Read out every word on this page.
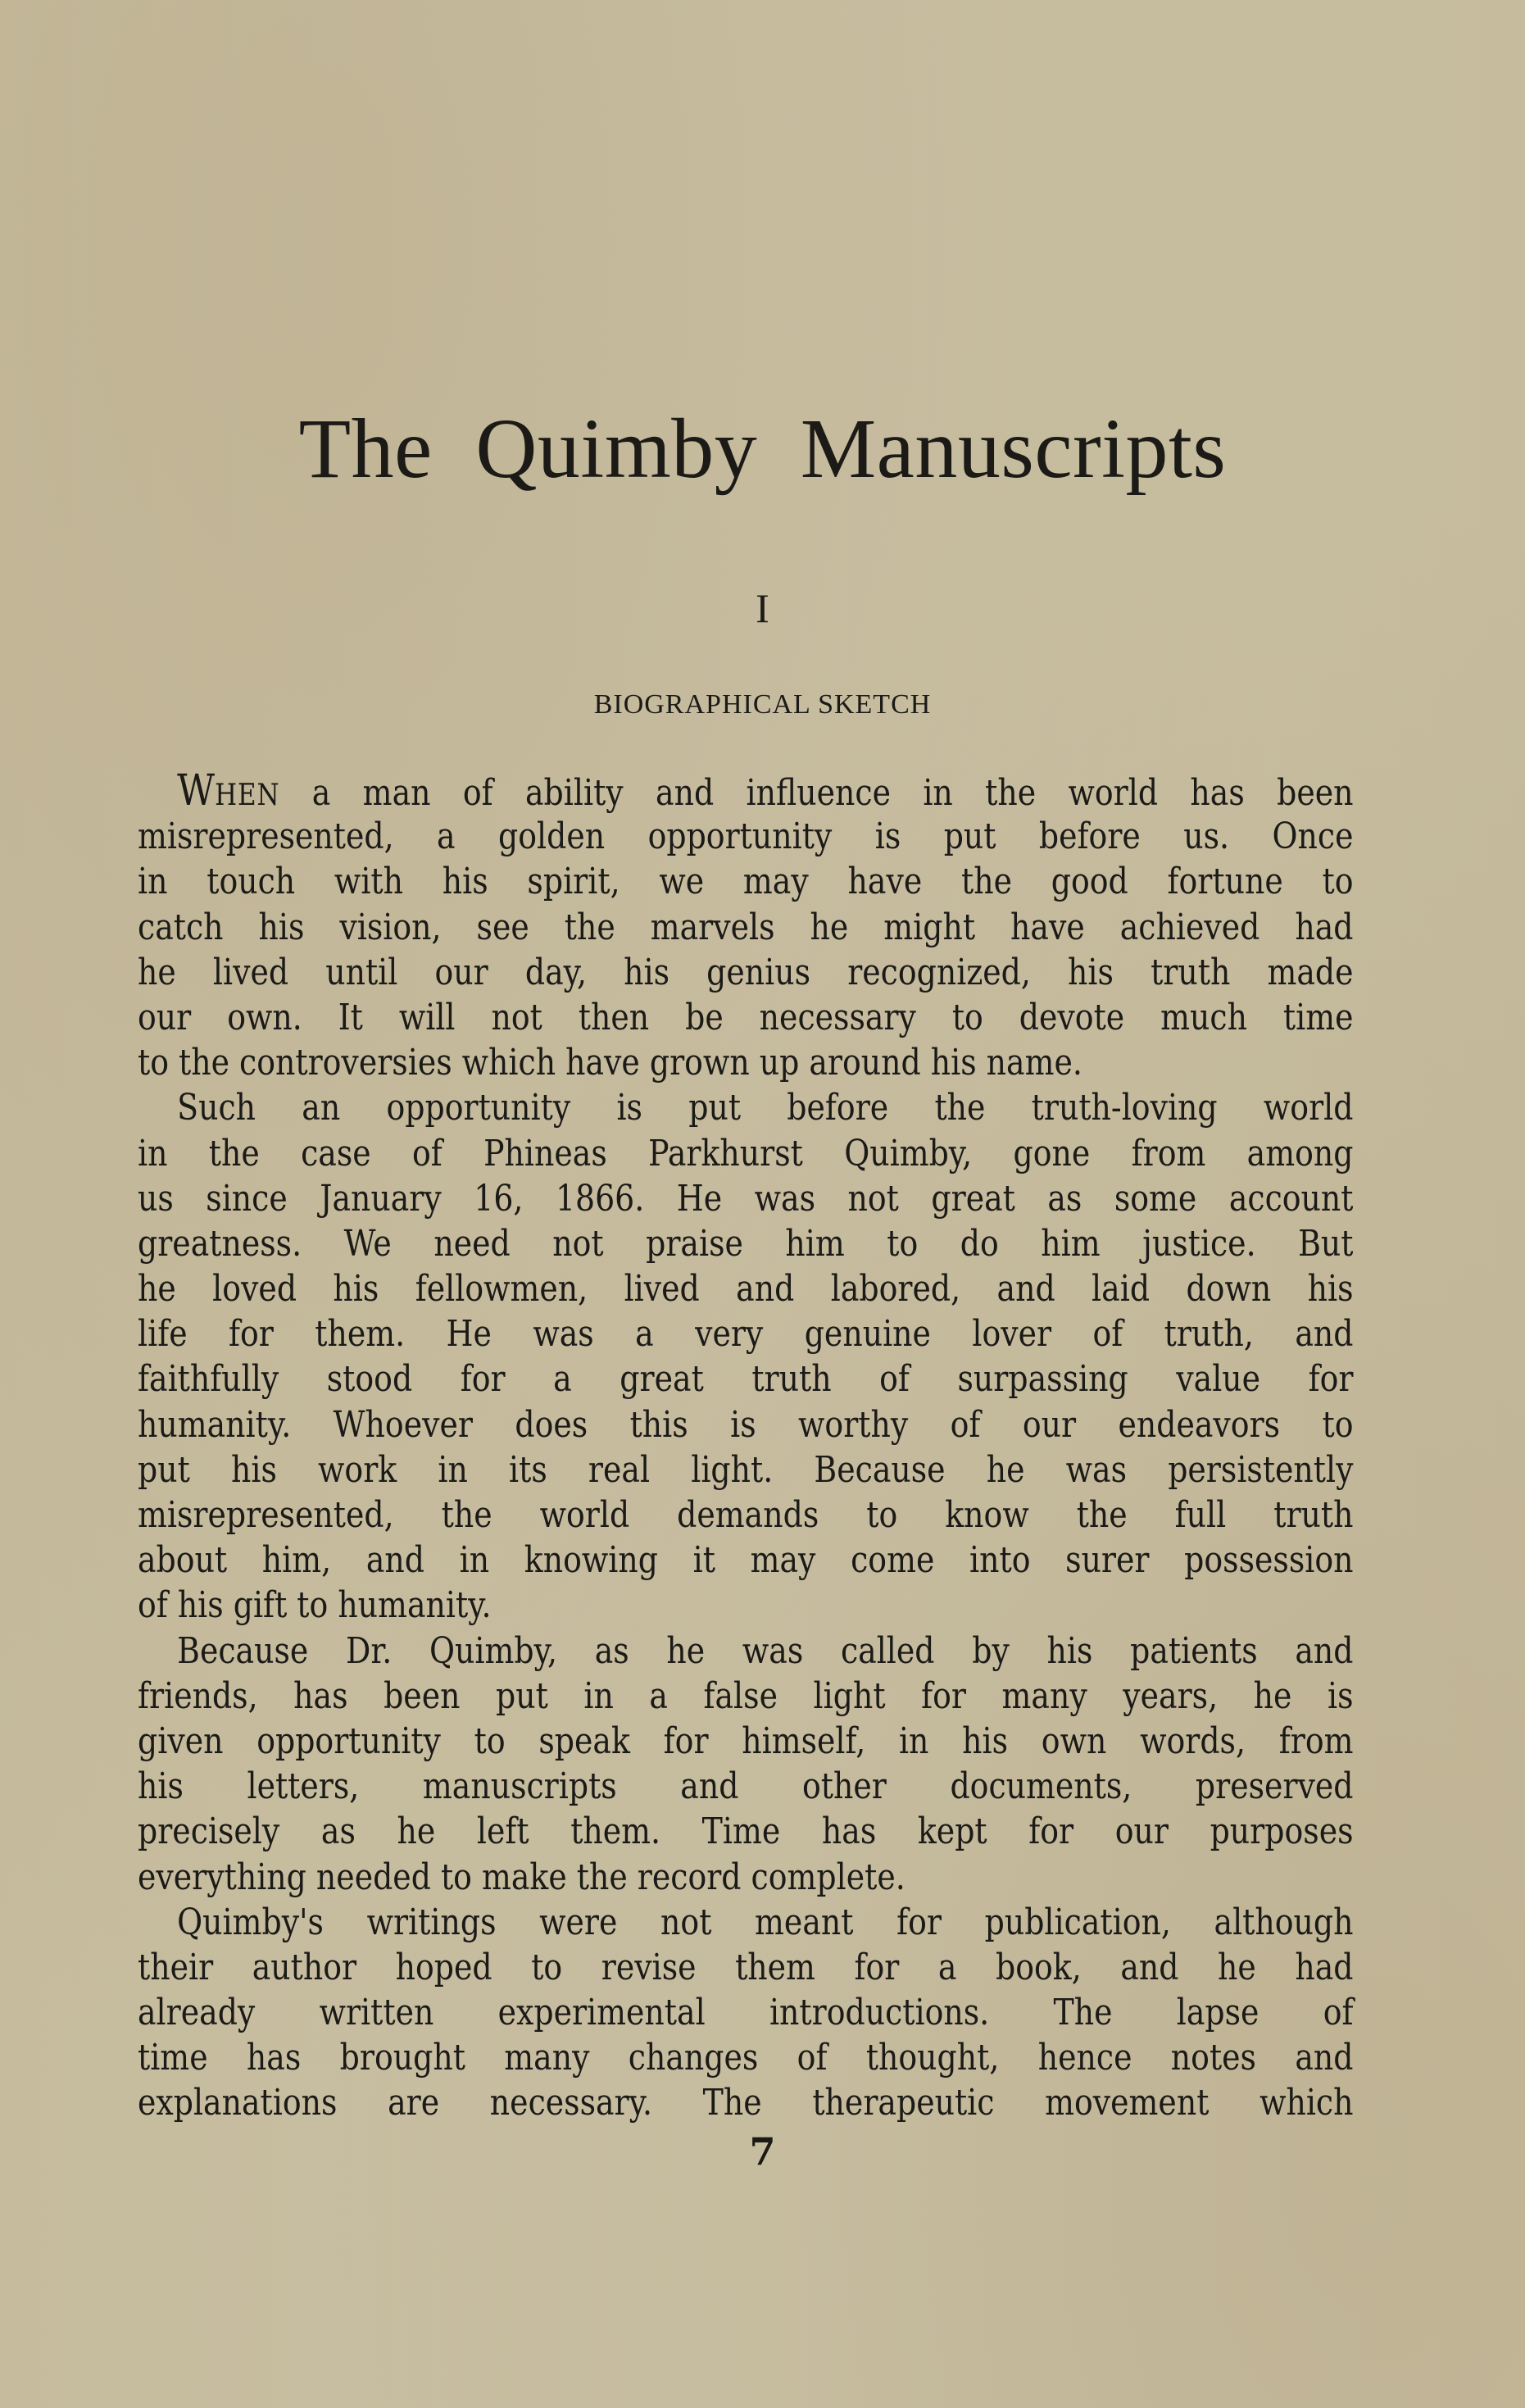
The Quimby Manuscripts
I
BIOGRAPHICAL SKETCH
WHEN a man of ability and influence in the world has been
misrepresented, a golden opportunity is put before us. Once
in touch with his spirit, we may have the good fortune to
catch his vision, see the marvels he might have achieved had
he lived until our day, his genius recognized, his truth made
our own. It will not then be necessary to devote much time
to the controversies which have grown up around his name.
Such an opportunity is put before the truth-loving world
in the case of Phineas Parkhurst Quimby, gone from among
us since January 16, 1866. He was not great as some account
greatness. We need not praise him to do him justice. But
he loved his fellowmen, lived and labored, and laid down his
life for them. He was a very genuine lover of truth, and
faithfully stood for a great truth of surpassing value for
humanity. Whoever does this is worthy of our endeavors to
put his work in its real light. Because he was persistently
misrepresented, the world demands to know the full truth
about him, and in knowing it may come into surer possession
of his gift to humanity.
Because Dr. Quimby, as he was called by his patients and
friends, has been put in a false light for many years, he is
given opportunity to speak for himself, in his own words, from
his letters, manuscripts and other documents, preserved
precisely as he left them. Time has kept for our purposes
everything needed to make the record complete.
Quimby's writings were not meant for publication, although
their author hoped to revise them for a book, and he had
already written experimental introductions. The lapse of
time has brought many changes of thought, hence notes and
explanations are necessary. The therapeutic movement which
7
